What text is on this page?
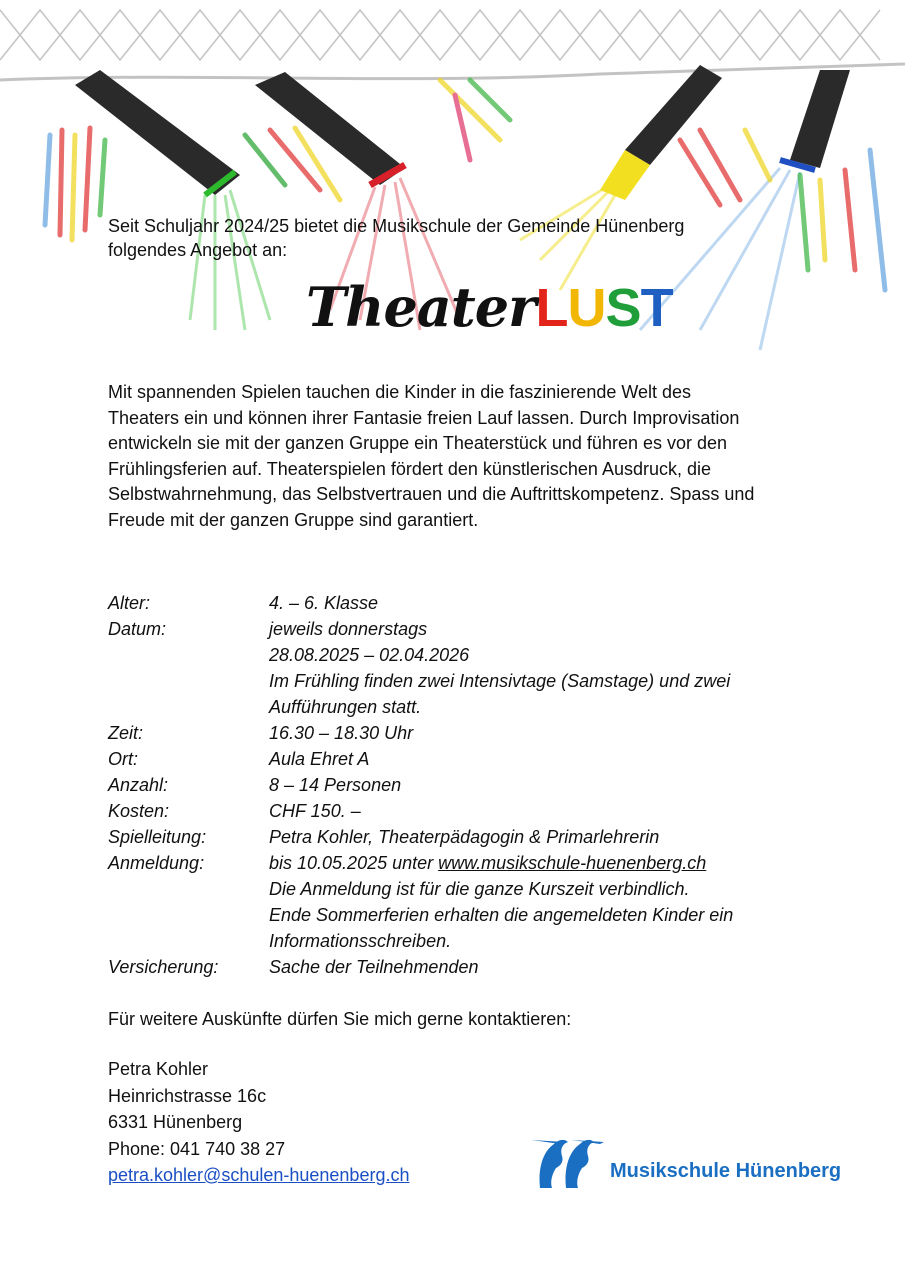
Seit Schuljahr 2024/25 bietet die Musikschule der Gemeinde Hünenberg
folgendes Angebot an:

TheaterLUST

Mit spannenden Spielen tauchen die Kinder in die faszinierende Welt des
Theaters ein und können ihrer Fantasie freien Lauf lassen. Durch Improvisation
entwickeln sie mit der ganzen Gruppe ein Theaterstück und führen es vor den
Frühlingsferien auf. Theaterspielen fördert den künstlerischen Ausdruck, die
Selbstwahrnehmung, das Selbstvertrauen und die Auftrittskompetenz. Spass und
Freude mit der ganzen Gruppe sind garantiert.

Alter:	4. – 6. Klasse
Datum:	jeweils donnerstags
28.08.2025 – 02.04.2026
Im Frühling finden zwei Intensivtage (Samstage) und zwei
Aufführungen statt.
Zeit:	16.30 – 18.30 Uhr
Ort:	Aula Ehret A
Anzahl:	8 – 14 Personen
Kosten:	CHF 150. –
Spielleitung:	Petra Kohler, Theaterpädagogin & Primarlehrerin
Anmeldung:	bis 10.05.2025 unter www.musikschule-huenenberg.ch
Die Anmeldung ist für die ganze Kurszeit verbindlich.
Ende Sommerferien erhalten die angemeldeten Kinder ein
Informationsschreiben.
Versicherung:	Sache der Teilnehmenden
Für weitere Auskünfte dürfen Sie mich gerne kontaktieren:
Petra Kohler
Heinrichstrasse 16c
6331 Hünenberg
Phone: 041 740 38 27
petra.kohler@schulen-huenenberg.ch	Musikschule Hünenberg
